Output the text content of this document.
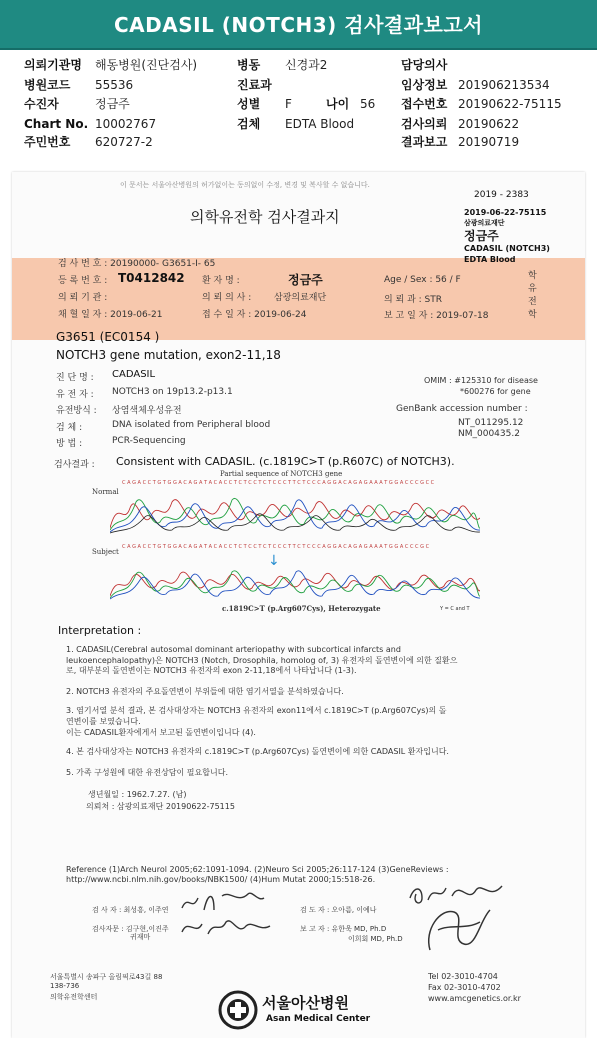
CADASIL (NOTCH3) 검사결과보고서
의뢰기관명 해동병원(진단검사)
병원코드 55536
수진자	정금주
Chart No. 10002767
주민번호 620727-2
병동 신경과2
진료과
성별 F	나이 56
검체 EDTA Blood
담당의사
임상정보 201906213534
접수번호 20190622-75115
검사의뢰 20190622
결과보고 20190719
이 문서는 서울아산병원의 허가없이는 동의없이 수정, 변경 및 복사할 수 없습니다.
2019 - 2383
의학유전학 검사결과지	2019-06-22-75115
삼광의료재단
정금주
CADASIL (NOTCH3)
EDTA Blood
검 사 번 호 : 20190000- G3651-I- 65
등 록 번 호 : T0412842 환 자 명 :	정금주	Age / Sex : 56 / F	학 유 전 학
의 뢰 기 관 :	의 뢰 의 사 :	삼광의료재단	의 뢰 과 : STR
채 혈 일 자 : 2019-06-21	접 수 일 자 : 2019-06-24	보 고 일 자 : 2019-07-18
G3651 (EC0154 )
NOTCH3 gene mutation, exon2-11,18
진 단 명 : CADASIL
유 전 자 : NOTCH3 on 19p13.2-p13.1
유전방식 : 상염색체우성유전
검 체 :	DNA isolated from Peripheral blood
방 법 :	PCR-Sequencing
OMIM : #125310 for disease
*600276 for gene
GenBank accession number :
NT_011295.12
NM_000435.2
검사결과 : Consistent with CADASIL. (c.1819C>T (p.R607C) of NOTCH3).
Partial sequence of NOTCH3 gene
Normal
C A G A C C T G T G G A C A G A T A C A C C T C T C C T C T C C C T T C T C C C A G G A C A G A G A A A T G G A C C C G C C
Subject
C A G A C C T G T G G A C A G A T A C A C C T C T C C T C T C C C T T C T C C C A G G A C A G A G A A A T G G A C C C G C
↓
c.1819C>T (p.Arg607Cys), Heterozygate	Y = C and T
Interpretation :
1. CADASIL(Cerebral autosomal dominant arteriopathy with subcortical infarcts and
leukoencephalopathy)은 NOTCH3 (Notch, Drosophila, homolog of, 3) 유전자의 돌연변이에 의한 질환으
로, 대부분의 돌연변이는 NOTCH3 유전자의 exon 2-11,18에서 나타납니다 (1-3).
2. NOTCH3 유전자의 주요돌연변이 부위들에 대한 염기서열을 분석하였습니다.
3. 염기서열 분석 결과, 본 검사대상자는 NOTCH3 유전자의 exon11에서 c.1819C>T (p.Arg607Cys)의 돌
연변이를 보였습니다.
이는 CADASIL환자에게서 보고된 돌연변이입니다 (4).
4. 본 검사대상자는 NOTCH3 유전자의 c.1819C>T (p.Arg607Cys) 돌연변이에 의한 CADASIL 환자입니다.
5. 가족 구성원에 대한 유전상담이 필요합니다.
생년월일 : 1962.7.27. (남)
의뢰처 : 삼광의료재단 20190622-75115
Reference (1)Arch Neurol 2005;62:1091-1094. (2)Neuro Sci 2005;26:117-124 (3)GeneReviews :
http://www.ncbi.nlm.nih.gov/books/NBK1500/ (4)Hum Mutat 2000;15:518-26.
검 사 자 : 최성흥, 이주연	검 도 자 : 오아름, 이예나
검사자문 : 김구현,이진주
귀재마
보 고 자 : 유한욱 MD, Ph.D
이희회 MD, Ph.D
서울특별시 송파구 올림픽로43길 88
138-736
의학유전학센터	서울아산병원
Asan Medical Center
Tel 02-3010-4704
Fax 02-3010-4702
www.amcgenetics.or.kr
